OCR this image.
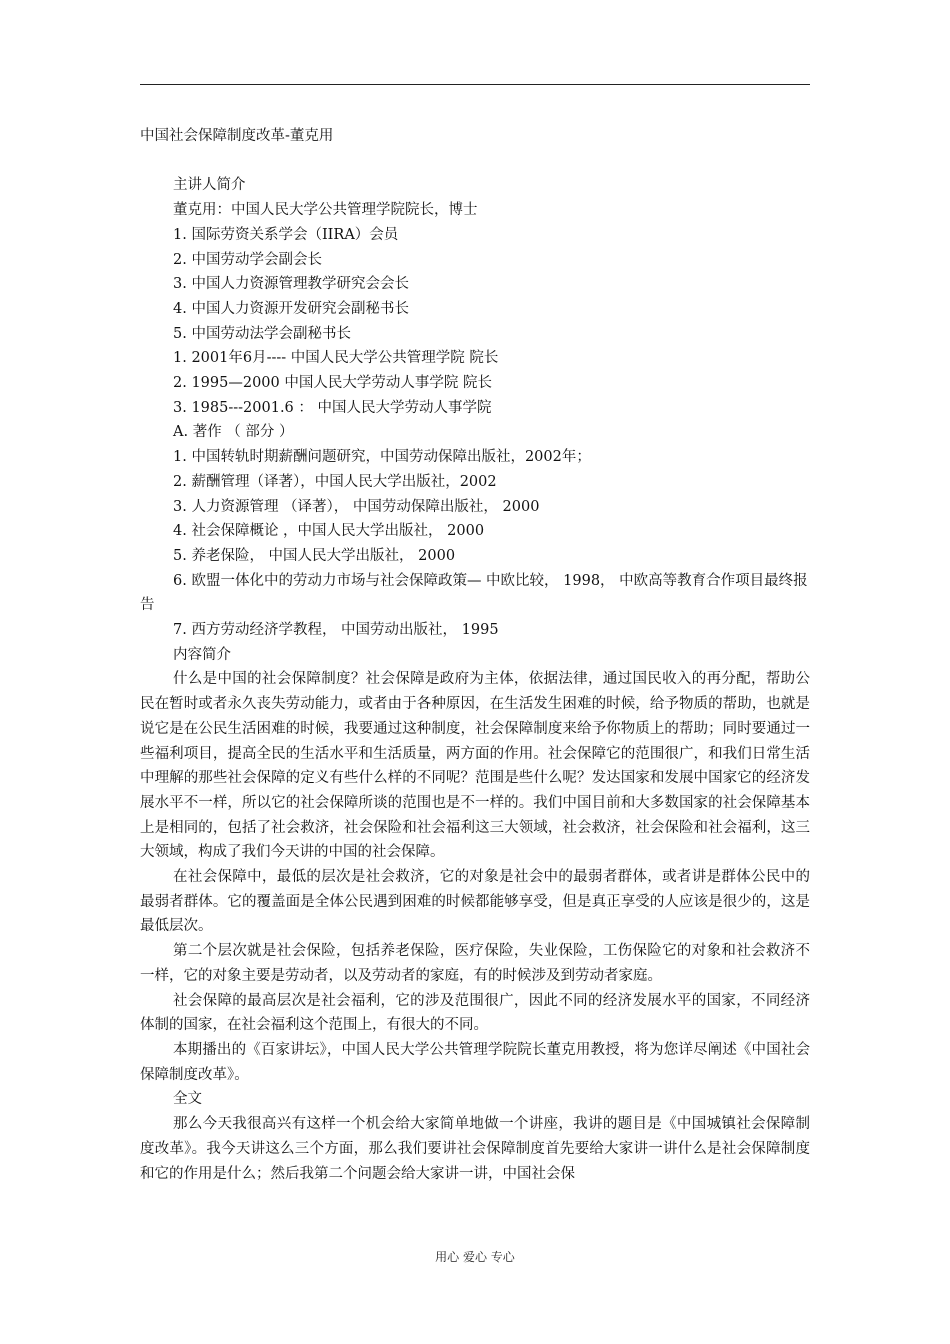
中国社会保障制度改革-董克用

主讲人简介

董克用：中国人民大学公共管理学院院长，博士

1. 国际劳资关系学会（IIRA）会员
2. 中国劳动学会副会长
3. 中国人力资源管理教学研究会会长
4. 中国人力资源开发研究会副秘书长
5. 中国劳动法学会副秘书长
1. 2001年6月---- 中国人民大学公共管理学院 院长
2. 1995—2000 中国人民大学劳动人事学院 院长
3. 1985---2001.6 ： 中国人民大学劳动人事学院

A. 著作 （ 部分 ）

1. 中国转轨时期薪酬问题研究，中国劳动保障出版社，2002年；
2. 薪酬管理（译著），中国人民大学出版社，2002
3. 人力资源管理 （译著）， 中国劳动保障出版社， 2000
4. 社会保障概论 ，中国人民大学出版社， 2000
5. 养老保险， 中国人民大学出版社， 2000
6. 欧盟一体化中的劳动力市场与社会保障政策— 中欧比较， 1998， 中欧高等教育合作项目最终报告
7. 西方劳动经济学教程， 中国劳动出版社， 1995

内容简介

什么是中国的社会保障制度？社会保障是政府为主体，依据法律，通过国民收入的再分配，帮助公民在暂时或者永久丧失劳动能力，或者由于各种原因，在生活发生困难的时候，给予物质的帮助，也就是说它是在公民生活困难的时候，我要通过这种制度，社会保障制度来给予你物质上的帮助；同时要通过一些福利项目，提高全民的生活水平和生活质量，两方面的作用。社会保障它的范围很广，和我们日常生活中理解的那些社会保障的定义有些什么样的不同呢？范围是些什么呢？发达国家和发展中国家它的经济发展水平不一样，所以它的社会保障所谈的范围也是不一样的。我们中国目前和大多数国家的社会保障基本上是相同的，包括了社会救济，社会保险和社会福利这三大领域，社会救济，社会保险和社会福利，这三大领域，构成了我们今天讲的中国的社会保障。

在社会保障中，最低的层次是社会救济，它的对象是社会中的最弱者群体，或者讲是群体公民中的最弱者群体。它的覆盖面是全体公民遇到困难的时候都能够享受，但是真正享受的人应该是很少的，这是最低层次。

第二个层次就是社会保险，包括养老保险，医疗保险，失业保险，工伤保险它的对象和社会救济不一样，它的对象主要是劳动者，以及劳动者的家庭，有的时候涉及到劳动者家庭。

社会保障的最高层次是社会福利，它的涉及范围很广，因此不同的经济发展水平的国家，不同经济体制的国家，在社会福利这个范围上，有很大的不同。

本期播出的《百家讲坛》，中国人民大学公共管理学院院长董克用教授，将为您详尽阐述《中国社会保障制度改革》。

全文

那么今天我很高兴有这样一个机会给大家简单地做一个讲座，我讲的题目是《中国城镇社会保障制度改革》。我今天讲这么三个方面，那么我们要讲社会保障制度首先要给大家讲一讲什么是社会保障制度和它的作用是什么；然后我第二个问题会给大家讲一讲，中国社会保

用心 爱心 专心
